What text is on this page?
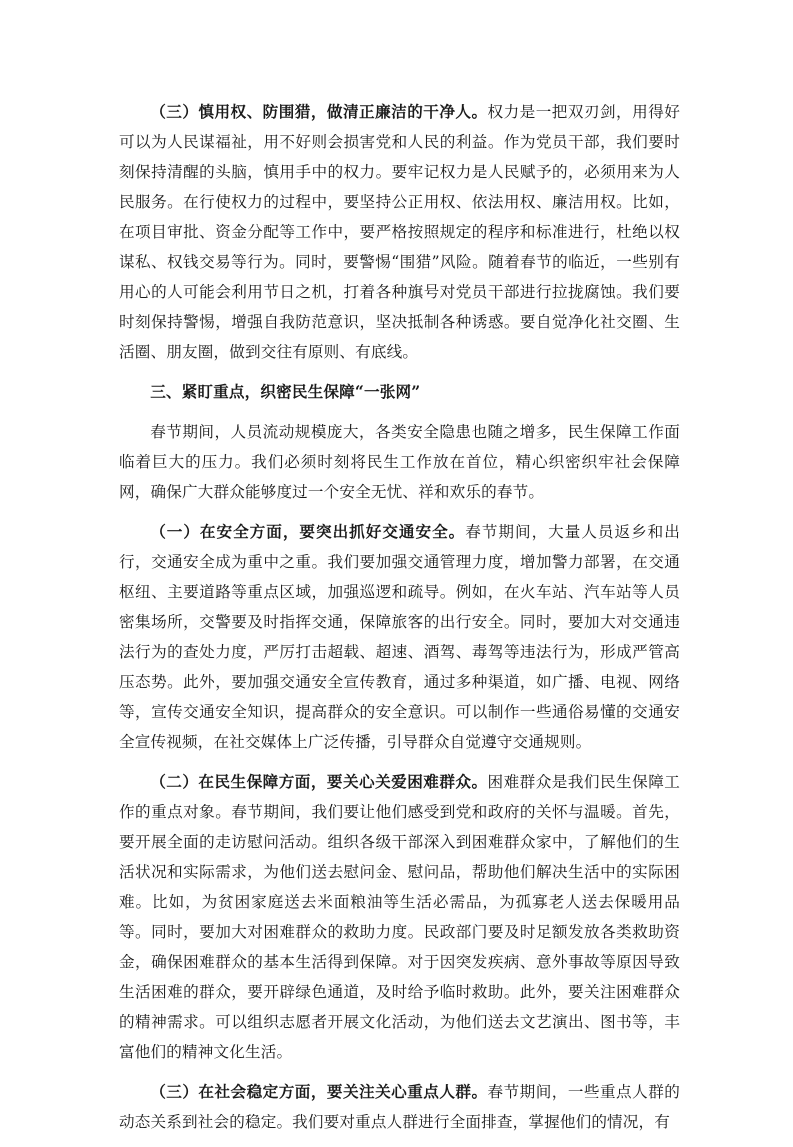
（三）慎用权、防围猎，做清正廉洁的干净人。权力是一把双刃剑，用得好可以为人民谋福祉，用不好则会损害党和人民的利益。作为党员干部，我们要时刻保持清醒的头脑，慎用手中的权力。要牢记权力是人民赋予的，必须用来为人民服务。在行使权力的过程中，要坚持公正用权、依法用权、廉洁用权。比如，在项目审批、资金分配等工作中，要严格按照规定的程序和标准进行，杜绝以权谋私、权钱交易等行为。同时，要警惕“围猎”风险。随着春节的临近，一些别有用心的人可能会利用节日之机，打着各种旗号对党员干部进行拉拢腐蚀。我们要时刻保持警惕，增强自我防范意识，坚决抵制各种诱惑。要自觉净化社交圈、生活圈、朋友圈，做到交往有原则、有底线。

三、紧盯重点，织密民生保障“一张网”

春节期间，人员流动规模庞大，各类安全隐患也随之增多，民生保障工作面临着巨大的压力。我们必须时刻将民生工作放在首位，精心织密织牢社会保障网，确保广大群众能够度过一个安全无忧、祥和欢乐的春节。

（一）在安全方面，要突出抓好交通安全。春节期间，大量人员返乡和出行，交通安全成为重中之重。我们要加强交通管理力度，增加警力部署，在交通枢纽、主要道路等重点区域，加强巡逻和疏导。例如，在火车站、汽车站等人员密集场所，交警要及时指挥交通，保障旅客的出行安全。同时，要加大对交通违法行为的查处力度，严厉打击超载、超速、酒驾、毒驾等违法行为，形成严管高压态势。此外，要加强交通安全宣传教育，通过多种渠道，如广播、电视、网络等，宣传交通安全知识，提高群众的安全意识。可以制作一些通俗易懂的交通安全宣传视频，在社交媒体上广泛传播，引导群众自觉遵守交通规则。

（二）在民生保障方面，要关心关爱困难群众。困难群众是我们民生保障工作的重点对象。春节期间，我们要让他们感受到党和政府的关怀与温暖。首先，要开展全面的走访慰问活动。组织各级干部深入到困难群众家中，了解他们的生活状况和实际需求，为他们送去慰问金、慰问品，帮助他们解决生活中的实际困难。比如，为贫困家庭送去米面粮油等生活必需品，为孤寡老人送去保暖用品等。同时，要加大对困难群众的救助力度。民政部门要及时足额发放各类救助资金，确保困难群众的基本生活得到保障。对于因突发疾病、意外事故等原因导致生活困难的群众，要开辟绿色通道，及时给予临时救助。此外，要关注困难群众的精神需求。可以组织志愿者开展文化活动，为他们送去文艺演出、图书等，丰富他们的精神文化生活。

（三）在社会稳定方面，要关注关心重点人群。春节期间，一些重点人群的动态关系到社会的稳定。我们要对重点人群进行全面排查，掌握他们的情况，有
